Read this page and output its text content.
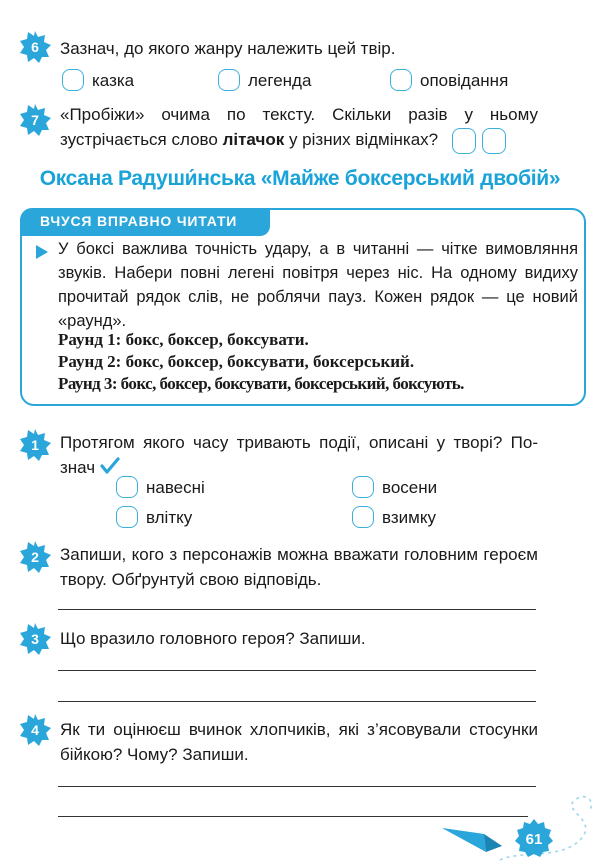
6 Зазнач, до якого жанру належить цей твір.
казка	легенда	оповідання
7 «Пробіжи» очима по тексту. Скільки разів у ньому
зустрічається слово літачок у різних відмінках?
Оксана Радуши́нська «Майже боксерський двобій»
ВЧУСЯ ВПРАВНО ЧИТАТИ
У боксі важлива точність удару, а в читанні — чітке вимовляння звуків. Набери повні легені повітря через ніс. На одному видиху прочитай рядок слів, не роблячи пауз. Кожен рядок — це новий «раунд».
Раунд 1: бокс, боксер, боксувати.
Раунд 2: бокс, боксер, боксувати, боксерський.
Раунд 3: бокс, боксер, боксувати, боксерський, боксують.
1 Протягом якого часу тривають події, описані у творі? По-
знач
навесні	восени
влітку	взимку
2 Запиши, кого з персонажів можна вважати головним героєм
твору. Обґрунтуй свою відповідь.
3 Що вразило головного героя? Запиши.
4 Як ти оцінюєш вчинок хлопчиків, які з’ясовували стосунки
бійкою? Чому? Запиши.
61
